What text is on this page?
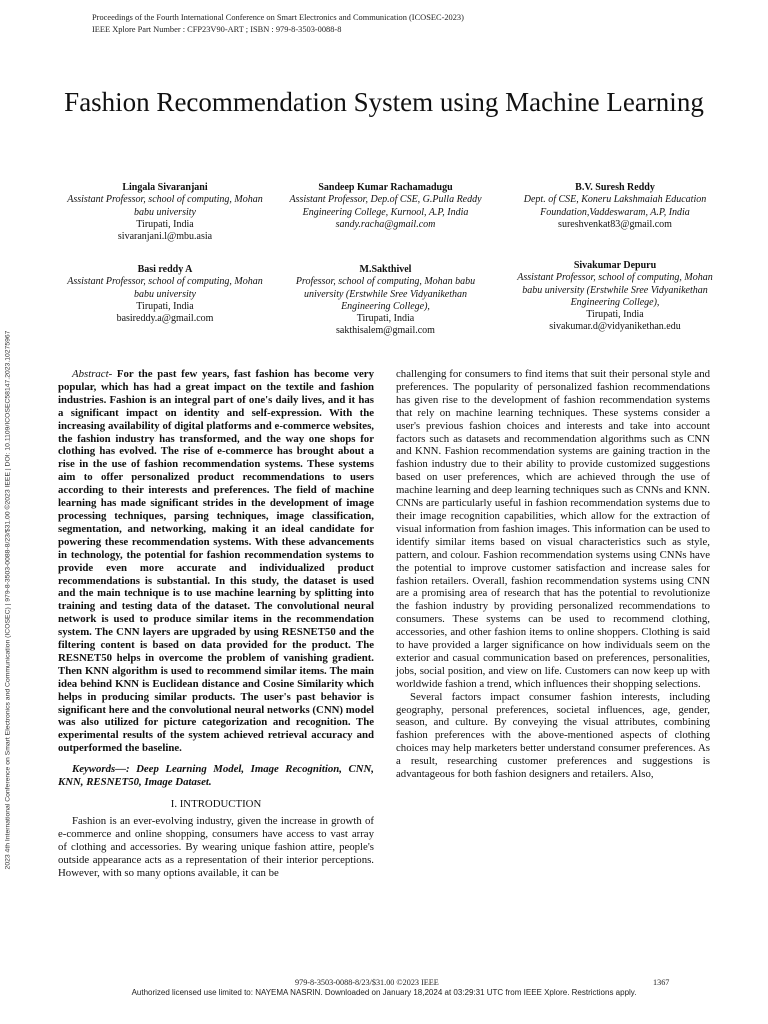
Proceedings of the Fourth International Conference on Smart Electronics and Communication (ICOSEC-2023)
IEEE Xplore Part Number : CFP23V90-ART ; ISBN : 979-8-3503-0088-8
Fashion Recommendation System using Machine Learning
Lingala Sivaranjani
Assistant Professor, school of computing, Mohan babu university
Tirupati, India
sivaranjani.l@mbu.asia
Sandeep Kumar Rachamadugu
Assistant Professor, Dep.of CSE, G.Pulla Reddy Engineering College, Kurnool, A.P, India
sandy.racha@gmail.com
B.V. Suresh Reddy
Dept. of CSE, Koneru Lakshmaiah Education Foundation,Vaddeswaram, A.P, India
sureshvenkat83@gmail.com
Basi reddy A
Assistant Professor, school of computing, Mohan babu university
Tirupati, India
basireddy.a@gmail.com
M.Sakthivel
Professor, school of computing, Mohan babu university (Erstwhile Sree Vidyanikethan Engineering College),
Tirupati, India
sakthisalem@gmail.com
Sivakumar Depuru
Assistant Professor, school of computing, Mohan babu university (Erstwhile Sree Vidyanikethan Engineering College),
Tirupati, India
sivakumar.d@vidyanikethan.edu
2023 4th International Conference on Smart Electronics and Communication (ICOSEC) | 979-8-3503-0088-8/23/$31.00 ©2023 IEEE | DOI: 10.1109/ICOSEC58147.2023.10275967	Abstract- For the past few years, fast fashion has become very popular, which has had a great impact on the textile and fashion industries. Fashion is an integral part of one's daily lives, and it has a significant impact on identity and self-expression. With the increasing availability of digital platforms and e-commerce websites, the fashion industry has transformed, and the way one shops for clothing has evolved. The rise of e-commerce has brought about a rise in the use of fashion recommendation systems. These systems aim to offer personalized product recommendations to users according to their interests and preferences. The field of machine learning has made significant strides in the development of image processing techniques, parsing techniques, image classification, segmentation, and networking, making it an ideal candidate for powering these recommendation systems. With these advancements in technology, the potential for fashion recommendation systems to provide even more accurate and individualized product recommendations is substantial. In this study, the dataset is used and the main technique is to use machine learning by splitting into training and testing data of the dataset. The convolutional neural network is used to produce similar items in the recommendation system. The CNN layers are upgraded by using RESNET50 and the filtering content is based on data provided for the product. The RESNET50 helps in overcome the problem of vanishing gradient. Then KNN algorithm is used to recommend similar items. The main idea behind KNN is Euclidean distance and Cosine Similarity which helps in producing similar products. The user's past behavior is significant here and the convolutional neural networks (CNN) model was also utilized for picture categorization and recognition. The experimental results of the system achieved retrieval accuracy and outperformed the baseline.

Keywords—: Deep Learning Model, Image Recognition, CNN, KNN, RESNET50, Image Dataset.

I. INTRODUCTION

Fashion is an ever-evolving industry, given the increase in growth of e-commerce and online shopping, consumers have access to vast array of clothing and accessories. By wearing unique fashion attire, people's outside appearance acts as a representation of their interior perceptions. However, with so many options available, it can be

challenging for consumers to find items that suit their personal style and preferences. The popularity of personalized fashion recommendations has given rise to the development of fashion recommendation systems that rely on machine learning techniques. These systems consider a user's previous fashion choices and interests and take into account factors such as datasets and recommendation algorithms such as CNN and KNN. Fashion recommendation systems are gaining traction in the fashion industry due to their ability to provide customized suggestions based on user preferences, which are achieved through the use of machine learning and deep learning techniques such as CNNs and KNN. CNNs are particularly useful in fashion recommendation systems due to their image recognition capabilities, which allow for the extraction of visual information from fashion images. This information can be used to identify similar items based on visual characteristics such as style, pattern, and colour. Fashion recommendation systems using CNNs have the potential to improve customer satisfaction and increase sales for fashion retailers. Overall, fashion recommendation systems using CNN are a promising area of research that has the potential to revolutionize the fashion industry by providing personalized recommendations to consumers. These systems can be used to recommend clothing, accessories, and other fashion items to online shoppers. Clothing is said to have provided a larger significance on how individuals seem on the exterior and casual communication based on preferences, personalities, jobs, social position, and view on life. Customers can now keep up with worldwide fashion a trend, which influences their shopping selections.

Several factors impact consumer fashion interests, including geography, personal preferences, societal influences, age, gender, season, and culture. By conveying the visual attributes, combining fashion preferences with the above-mentioned aspects of clothing choices may help marketers better understand consumer preferences. As a result, researching customer preferences and suggestions is advantageous for both fashion designers and retailers. Also,

979-8-3503-0088-8/23/$31.00 ©2023 IEEE	1367
Authorized licensed use limited to: NAYEMA NASRIN. Downloaded on January 18,2024 at 03:29:31 UTC from IEEE Xplore. Restrictions apply.
